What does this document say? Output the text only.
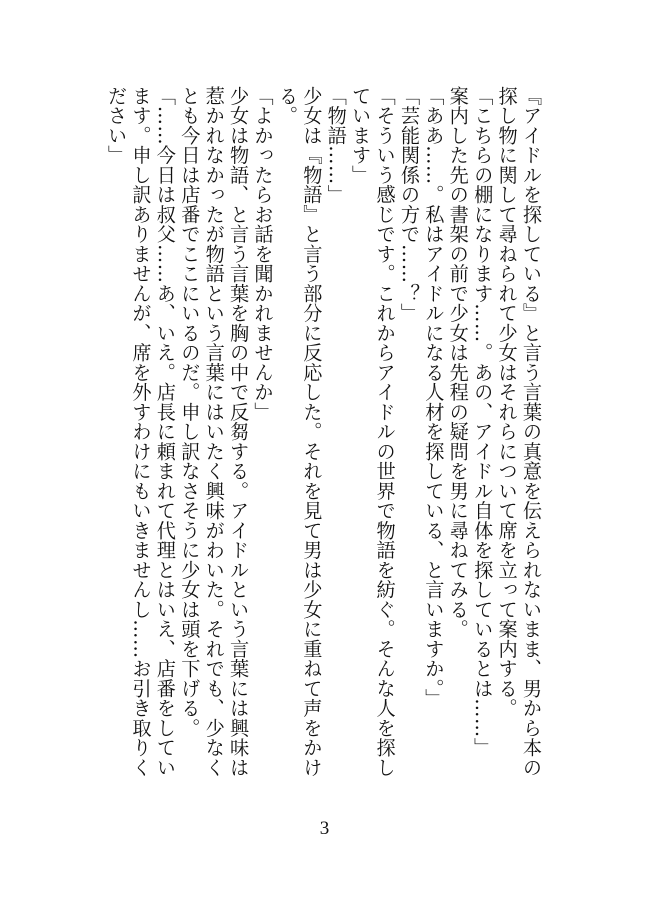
『アイドルを探している』と言う言葉の真意を伝えられないまま、男から本の探し物に関して尋ねられて少女はそれらについて席を立って案内する。

「こちらの棚になります……。あの、アイドル自体を探しているとは……」

案内した先の書架の前で少女は先程の疑問を男に尋ねてみる。

「ああ……。私はアイドルになる人材を探している、と言いますか。」

「芸能関係の方で……？」

「そういう感じです。これからアイドルの世界で物語を紡ぐ。そんな人を探しています」

「物語……」

少女は『物語』と言う部分に反応した。それを見て男は少女に重ねて声をかける。

「よかったらお話を聞かれませんか」

少女は物語、と言う言葉を胸の中で反芻する。アイドルという言葉には興味は惹かれなかったが物語という言葉にはいたく興味がわいた。それでも、少なくとも今日は店番でここにいるのだ。申し訳なさそうに少女は頭を下げる。

「……今日は叔父……あ、いえ。店長に頼まれて代理とはいえ、店番をしています。申し訳ありませんが、席を外すわけにもいきませんし……お引き取りください」

3
